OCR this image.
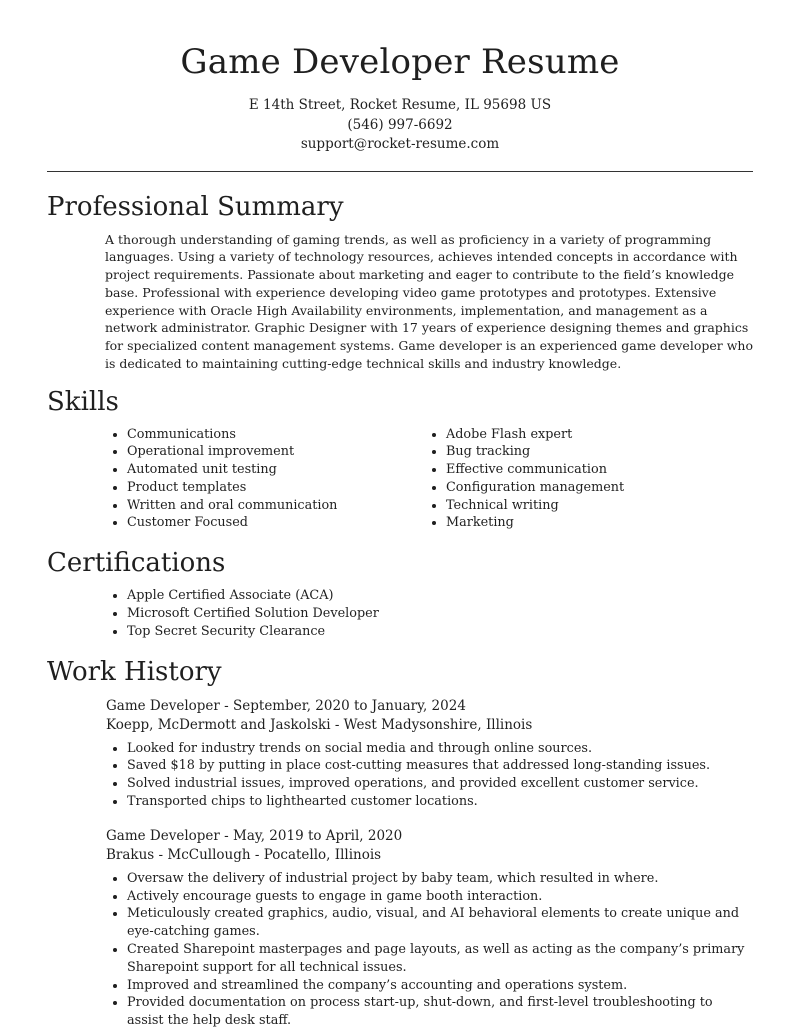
Game Developer Resume
E 14th Street, Rocket Resume, IL 95698 US
(546) 997-6692
support@rocket-resume.com
Professional Summary
A thorough understanding of gaming trends, as well as proficiency in a variety of programming languages. Using a variety of technology resources, achieves intended concepts in accordance with project requirements. Passionate about marketing and eager to contribute to the field’s knowledge base. Professional with experience developing video game prototypes and prototypes. Extensive experience with Oracle High Availability environments, implementation, and management as a network administrator. Graphic Designer with 17 years of experience designing themes and graphics for specialized content management systems. Game developer is an experienced game developer who is dedicated to maintaining cutting-edge technical skills and industry knowledge.
Skills
• Communications
• Operational improvement
• Automated unit testing
• Product templates
• Written and oral communication
• Customer Focused
• Adobe Flash expert
• Bug tracking
• Effective communication
• Configuration management
• Technical writing
• Marketing
Certifications
• Apple Certified Associate (ACA)
• Microsoft Certified Solution Developer
• Top Secret Security Clearance
Work History
Game Developer - September, 2020 to January, 2024
Koepp, McDermott and Jaskolski - West Madysonshire, Illinois
• Looked for industry trends on social media and through online sources.
• Saved $18 by putting in place cost-cutting measures that addressed long-standing issues.
• Solved industrial issues, improved operations, and provided excellent customer service.
• Transported chips to lighthearted customer locations.
Game Developer - May, 2019 to April, 2020
Brakus - McCullough - Pocatello, Illinois
• Oversaw the delivery of industrial project by baby team, which resulted in where.
• Actively encourage guests to engage in game booth interaction.
• Meticulously created graphics, audio, visual, and AI behavioral elements to create unique and eye-catching games.
• Created Sharepoint masterpages and page layouts, as well as acting as the company’s primary Sharepoint support for all technical issues.
• Improved and streamlined the company’s accounting and operations system.
• Provided documentation on process start-up, shut-down, and first-level troubleshooting to assist the help desk staff.
